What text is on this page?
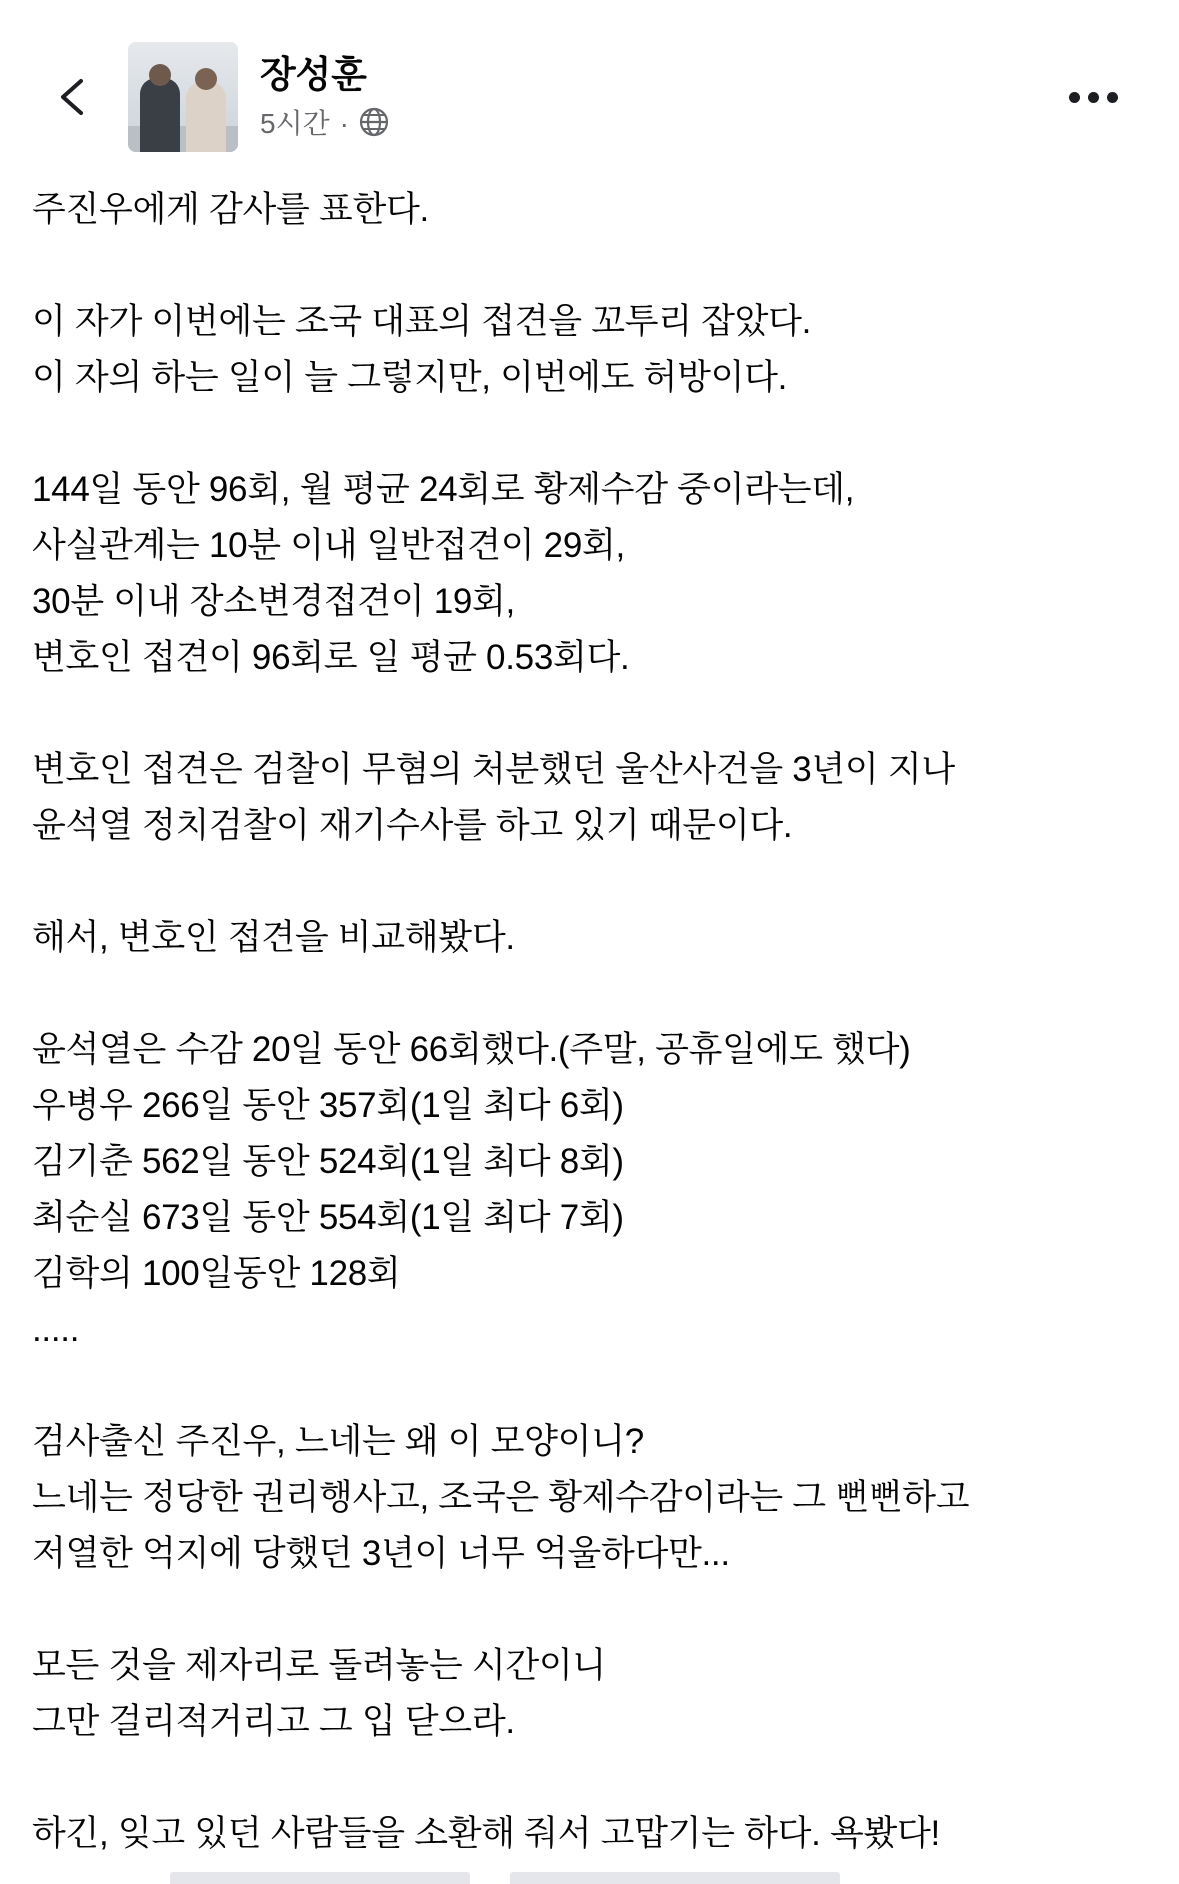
장성훈
5시간 ·
주진우에게 감사를 표한다.

이 자가 이번에는 조국 대표의 접견을 꼬투리 잡았다.
이 자의 하는 일이 늘 그렇지만, 이번에도 허방이다.

144일 동안 96회, 월 평균 24회로 황제수감 중이라는데,
사실관계는 10분 이내 일반접견이 29회,
30분 이내 장소변경접견이 19회,
변호인 접견이 96회로 일 평균 0.53회다.

변호인 접견은 검찰이 무혐의 처분했던 울산사건을 3년이 지나
윤석열 정치검찰이 재기수사를 하고 있기 때문이다.

해서, 변호인 접견을 비교해봤다.

윤석열은 수감 20일 동안 66회했다.(주말, 공휴일에도 했다)
우병우 266일 동안 357회(1일 최다 6회)
김기춘 562일 동안 524회(1일 최다 8회)
최순실 673일 동안 554회(1일 최다 7회)
김학의 100일동안 128회
.....

검사출신 주진우, 느네는 왜 이 모양이니?
느네는 정당한 권리행사고, 조국은 황제수감이라는 그 뻔뻔하고
저열한 억지에 당했던 3년이 너무 억울하다만...

모든 것을 제자리로 돌려놓는 시간이니
그만 걸리적거리고 그 입 닫으라.

하긴, 잊고 있던 사람들을 소환해 줘서 고맙기는 하다. 욕봤다!
